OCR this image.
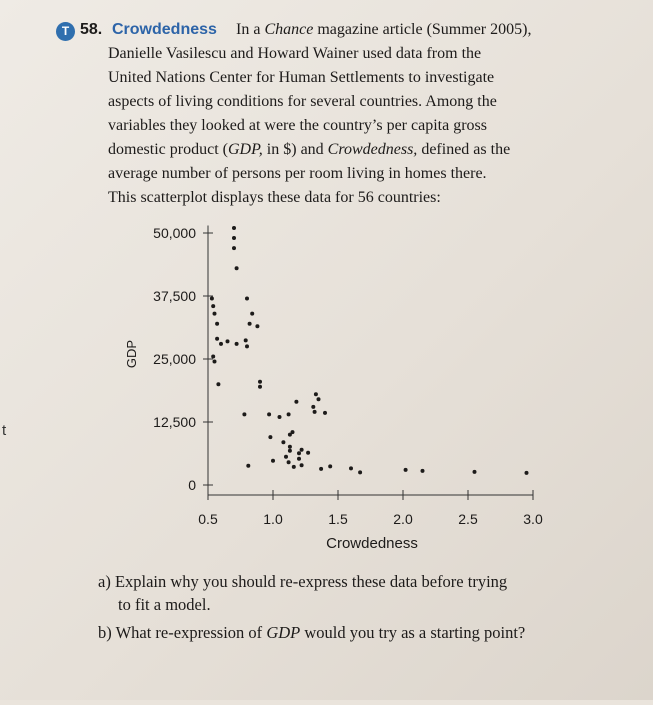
t
T 58. Crowdedness In a Chance magazine article (Summer 2005),
Danielle Vasilescu and Howard Wainer used data from the
United Nations Center for Human Settlements to investigate
aspects of living conditions for several countries. Among the
variables they looked at were the country’s per capita gross
domestic product (GDP, in $) and Crowdedness, defined as the
average number of persons per room living in homes there.
This scatterplot displays these data for 56 countries:
0
12,500
25,000
37,500
50,000
0.5	1.0	1.5	2.0	2.5	3.0
GDP
Crowdedness
a) Explain why you should re-express these data before trying
to fit a model.
b) What re-expression of GDP would you try as a starting point?
